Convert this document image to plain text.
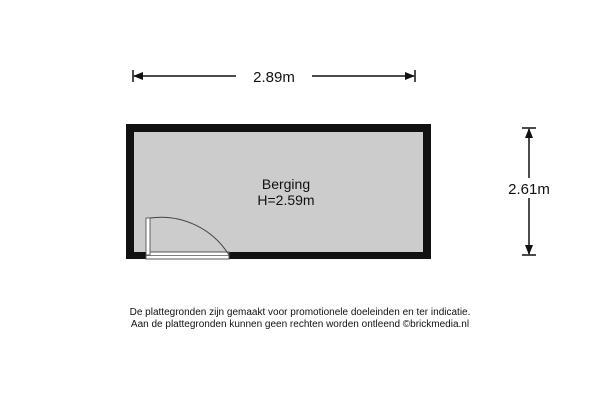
2.89m
2.61m
Berging
H=2.59m
De plattegronden zijn gemaakt voor promotionele doeleinden en ter indicatie.
Aan de plattegronden kunnen geen rechten worden ontleend ©brickmedia.nl
